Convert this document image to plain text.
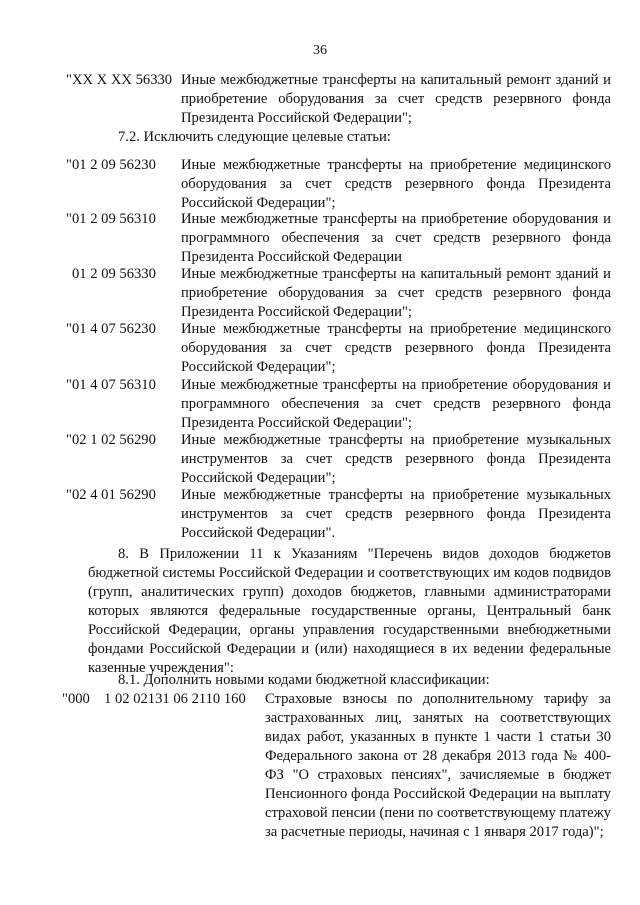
36
"XX X XX 56330 Иные межбюджетные трансферты на капитальный ремонт зданий и приобретение оборудования за счет средств резервного фонда Президента Российской Федерации";
7.2. Исключить следующие целевые статьи:
"01 2 09 56230 Иные межбюджетные трансферты на приобретение медицинского оборудования за счет средств резервного фонда Президента Российской Федерации";
"01 2 09 56310 Иные межбюджетные трансферты на приобретение оборудования и программного обеспечения за счет средств резервного фонда Президента Российской Федерации
01 2 09 56330 Иные межбюджетные трансферты на капитальный ремонт зданий и приобретение оборудования за счет средств резервного фонда Президента Российской Федерации";
"01 4 07 56230 Иные межбюджетные трансферты на приобретение медицинского оборудования за счет средств резервного фонда Президента Российской Федерации";
"01 4 07 56310 Иные межбюджетные трансферты на приобретение оборудования и программного обеспечения за счет средств резервного фонда Президента Российской Федерации";
"02 1 02 56290 Иные межбюджетные трансферты на приобретение музыкальных инструментов за счет средств резервного фонда Президента Российской Федерации";
"02 4 01 56290 Иные межбюджетные трансферты на приобретение музыкальных инструментов за счет средств резервного фонда Президента Российской Федерации".
8. В Приложении 11 к Указаниям "Перечень видов доходов бюджетов бюджетной системы Российской Федерации и соответствующих им кодов подвидов (групп, аналитических групп) доходов бюджетов, главными администраторами которых являются федеральные государственные органы, Центральный банк Российской Федерации, органы управления государственными внебюджетными фондами Российской Федерации и (или) находящиеся в их ведении федеральные казенные учреждения":
8.1. Дополнить новыми кодами бюджетной классификации:
"000 1 02 02131 06 2110 160 Страховые взносы по дополнительному тарифу за застрахованных лиц, занятых на соответствующих видах работ, указанных в пункте 1 части 1 статьи 30 Федерального закона от 28 декабря 2013 года № 400-ФЗ "О страховых пенсиях", зачисляемые в бюджет Пенсионного фонда Российской Федерации на выплату страховой пенсии (пени по соответствующему платежу за расчетные периоды, начиная с 1 января 2017 года)";
